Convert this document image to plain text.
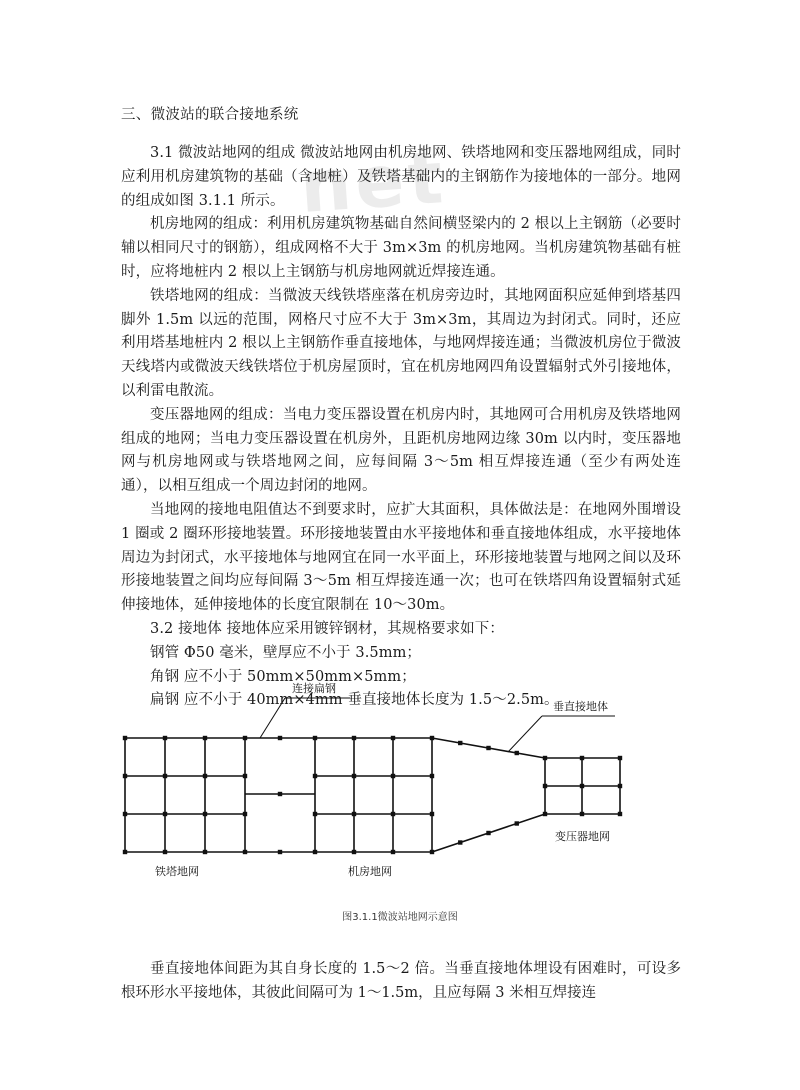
net
三、微波站的联合接地系统

3.1 微波站地网的组成 微波站地网由机房地网、铁塔地网和变压器地网组成，同时应利用机房建筑物的基础（含地桩）及铁塔基础内的主钢筋作为接地体的一部分。地网的组成如图 3.1.1 所示。

机房地网的组成：利用机房建筑物基础自然间横竖梁内的 2 根以上主钢筋（必要时辅以相同尺寸的钢筋），组成网格不大于 3m×3m 的机房地网。当机房建筑物基础有桩时，应将地桩内 2 根以上主钢筋与机房地网就近焊接连通。

铁塔地网的组成：当微波天线铁塔座落在机房旁边时，其地网面积应延伸到塔基四脚外 1.5m 以远的范围，网格尺寸应不大于 3m×3m，其周边为封闭式。同时，还应利用塔基地桩内 2 根以上主钢筋作垂直接地体，与地网焊接连通；当微波机房位于微波天线塔内或微波天线铁塔位于机房屋顶时，宜在机房地网四角设置辐射式外引接地体，以利雷电散流。

变压器地网的组成：当电力变压器设置在机房内时，其地网可合用机房及铁塔地网组成的地网；当电力变压器设置在机房外，且距机房地网边缘 30m 以内时，变压器地网与机房地网或与铁塔地网之间，应每间隔 3～5m 相互焊接连通（至少有两处连通），以相互组成一个周边封闭的地网。

当地网的接地电阻值达不到要求时，应扩大其面积，具体做法是：在地网外围增设 1 圈或 2 圈环形接地装置。环形接地装置由水平接地体和垂直接地体组成，水平接地体周边为封闭式，水平接地体与地网宜在同一水平面上，环形接地装置与地网之间以及环形接地装置之间均应每间隔 3～5m 相互焊接连通一次；也可在铁塔四角设置辐射式延伸接地体，延伸接地体的长度宜限制在 10～30m。

3.2 接地体 接地体应采用镀锌钢材，其规格要求如下：

钢管 Φ50 毫米，壁厚应不小于 3.5mm；

角钢 应不小于 50mm×50mm×5mm；

扁钢 应不小于 40mm×4mm 垂直接地体长度为 1.5～2.5m。

连接扁钢
垂直接地体
铁塔地网	机房地网
变压器地网
图3.1.1微波站地网示意图

垂直接地体间距为其自身长度的 1.5～2 倍。当垂直接地体埋设有困难时，可设多根环形水平接地体，其彼此间隔可为 1～1.5m，且应每隔 3 米相互焊接连
